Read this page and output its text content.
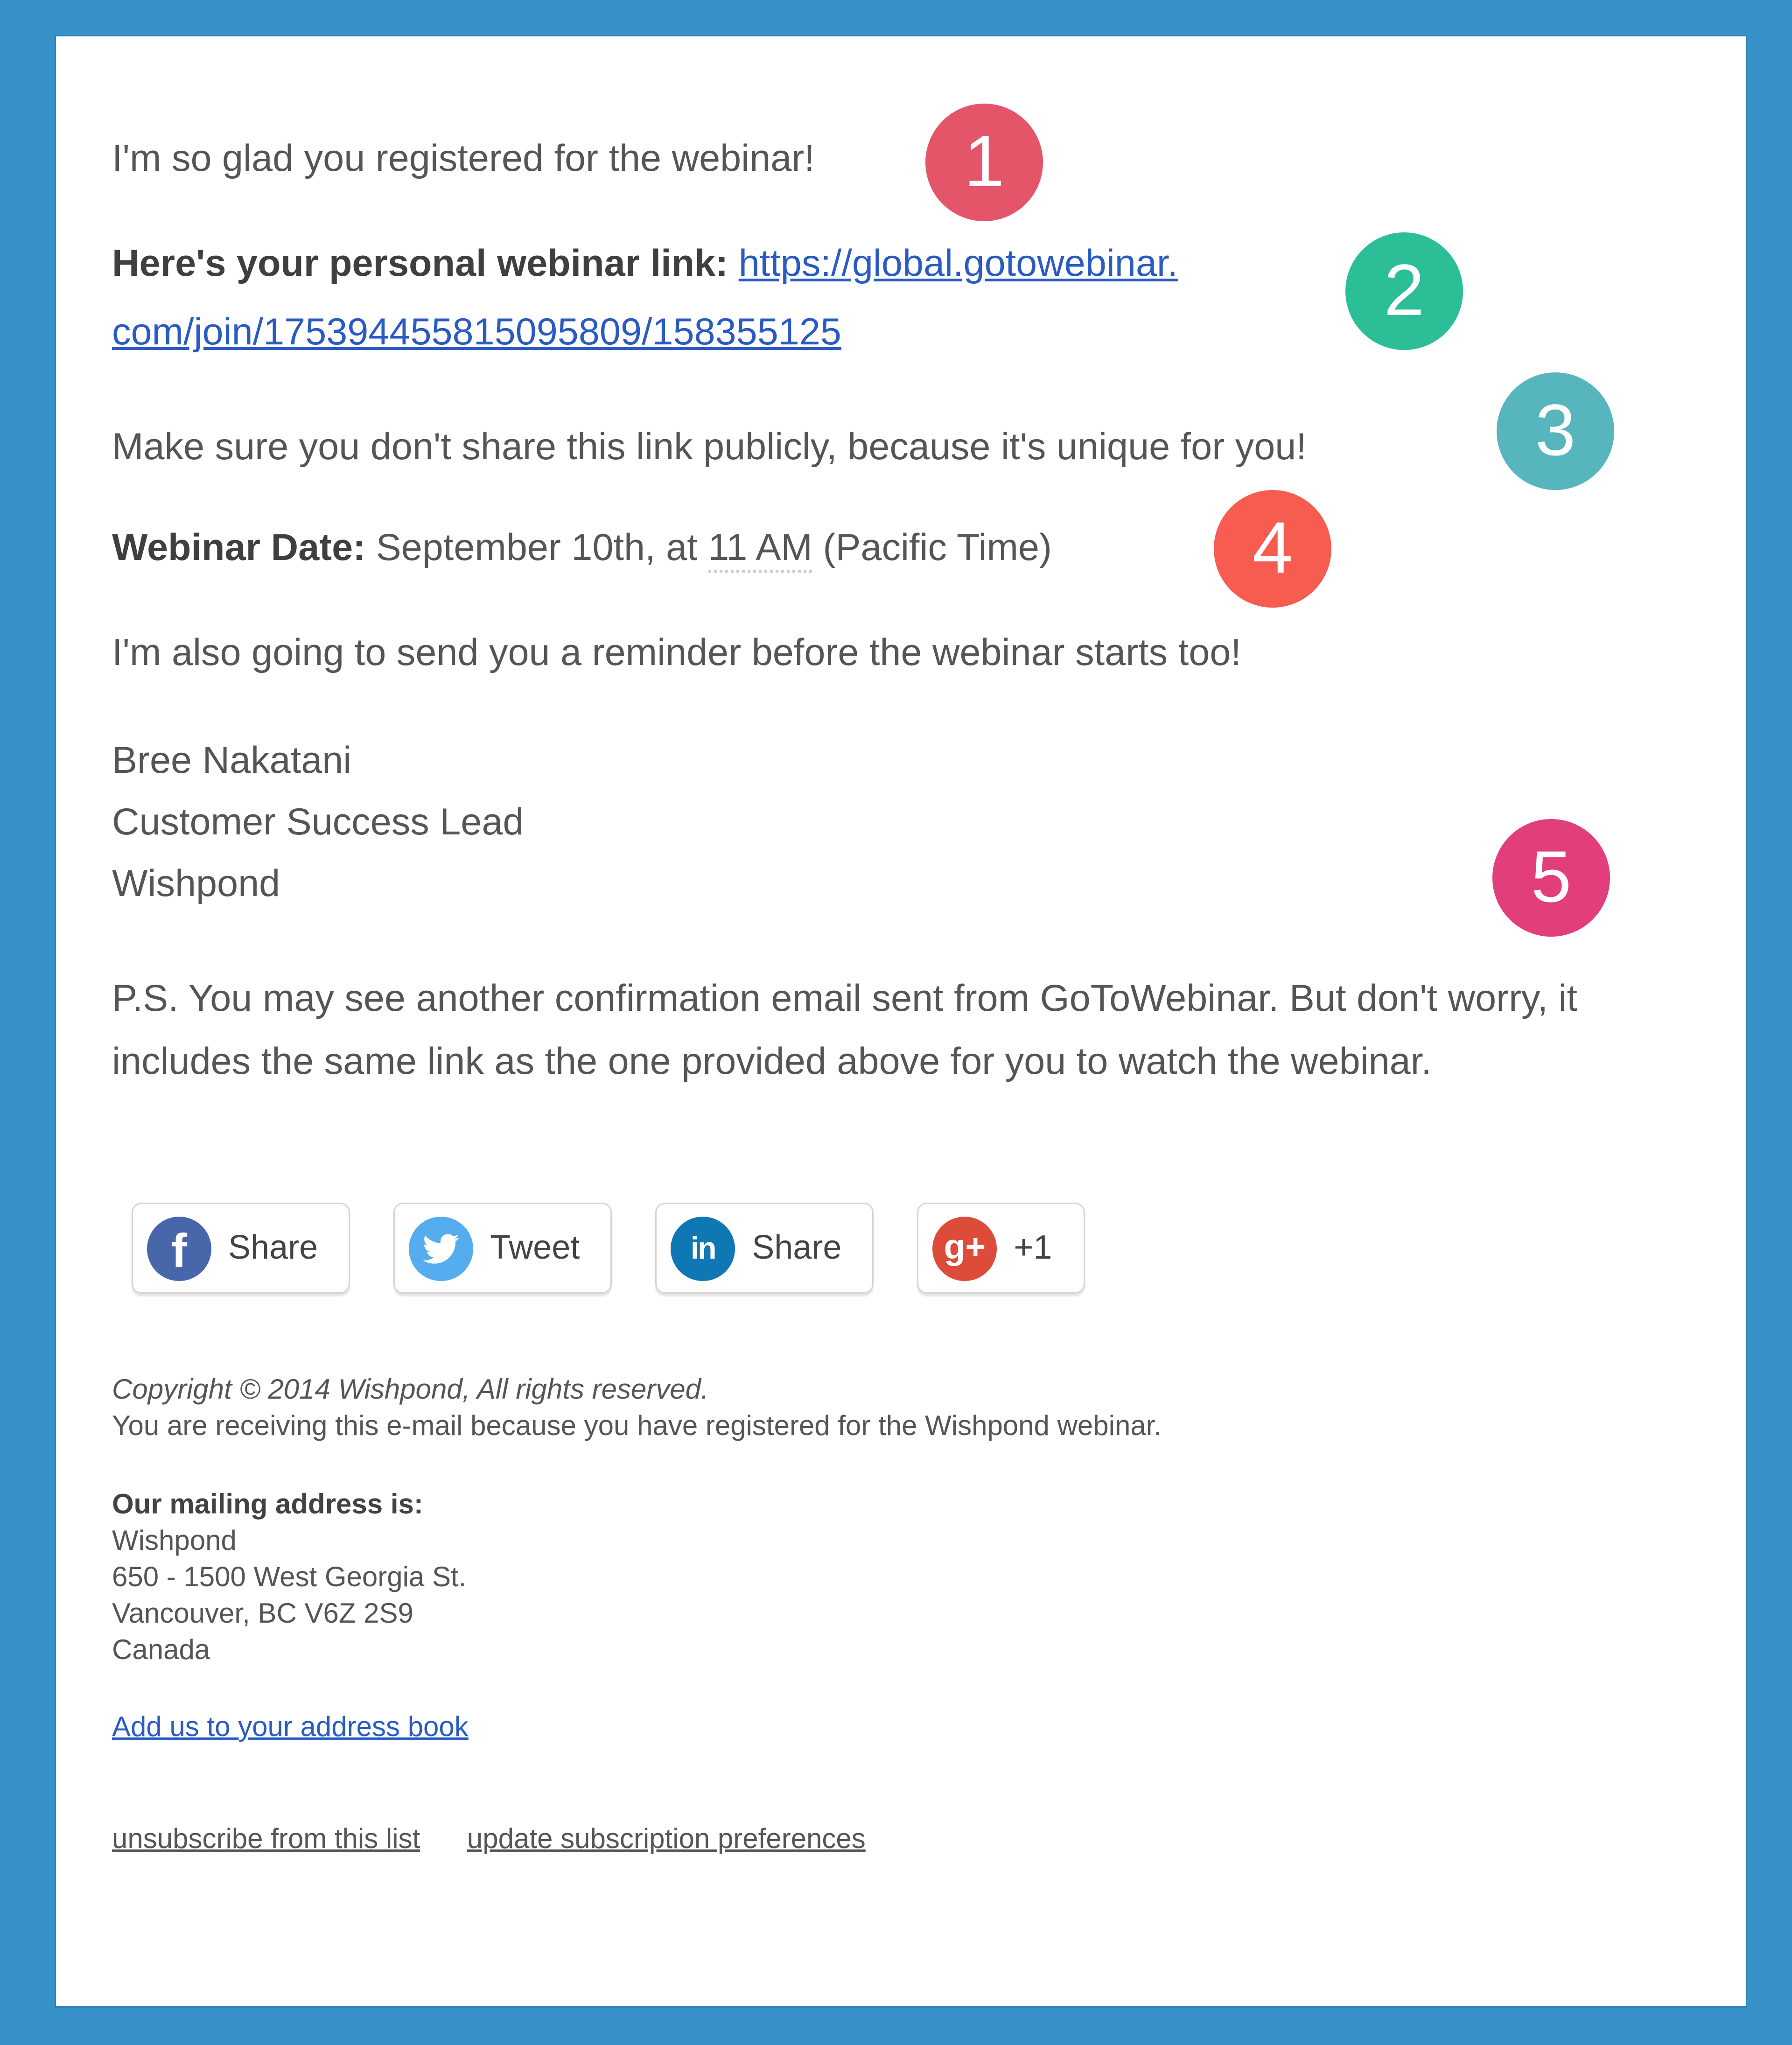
I'm so glad you registered for the webinar!

Here's your personal webinar link: https://global.gotowebinar.
com/join/175394455815095809/158355125

Make sure you don't share this link publicly, because it's unique for you!

Webinar Date: September 10th, at 11 AM (Pacific Time)

I'm also going to send you a reminder before the webinar starts too!

Bree Nakatani
Customer Success Lead
Wishpond

P.S. You may see another confirmation email sent from GoToWebinar. But don't worry, it includes the same link as the one provided above for you to watch the webinar.

f	Share	Tweet	in	Share	g+	+1
Copyright © 2014 Wishpond, All rights reserved.
You are receiving this e-mail because you have registered for the Wishpond webinar.
Our mailing address is:
Wishpond
650 - 1500 West Georgia St.
Vancouver, BC V6Z 2S9
Canada
Add us to your address book
unsubscribe from this list	update subscription preferences
1
2
3
4
5
